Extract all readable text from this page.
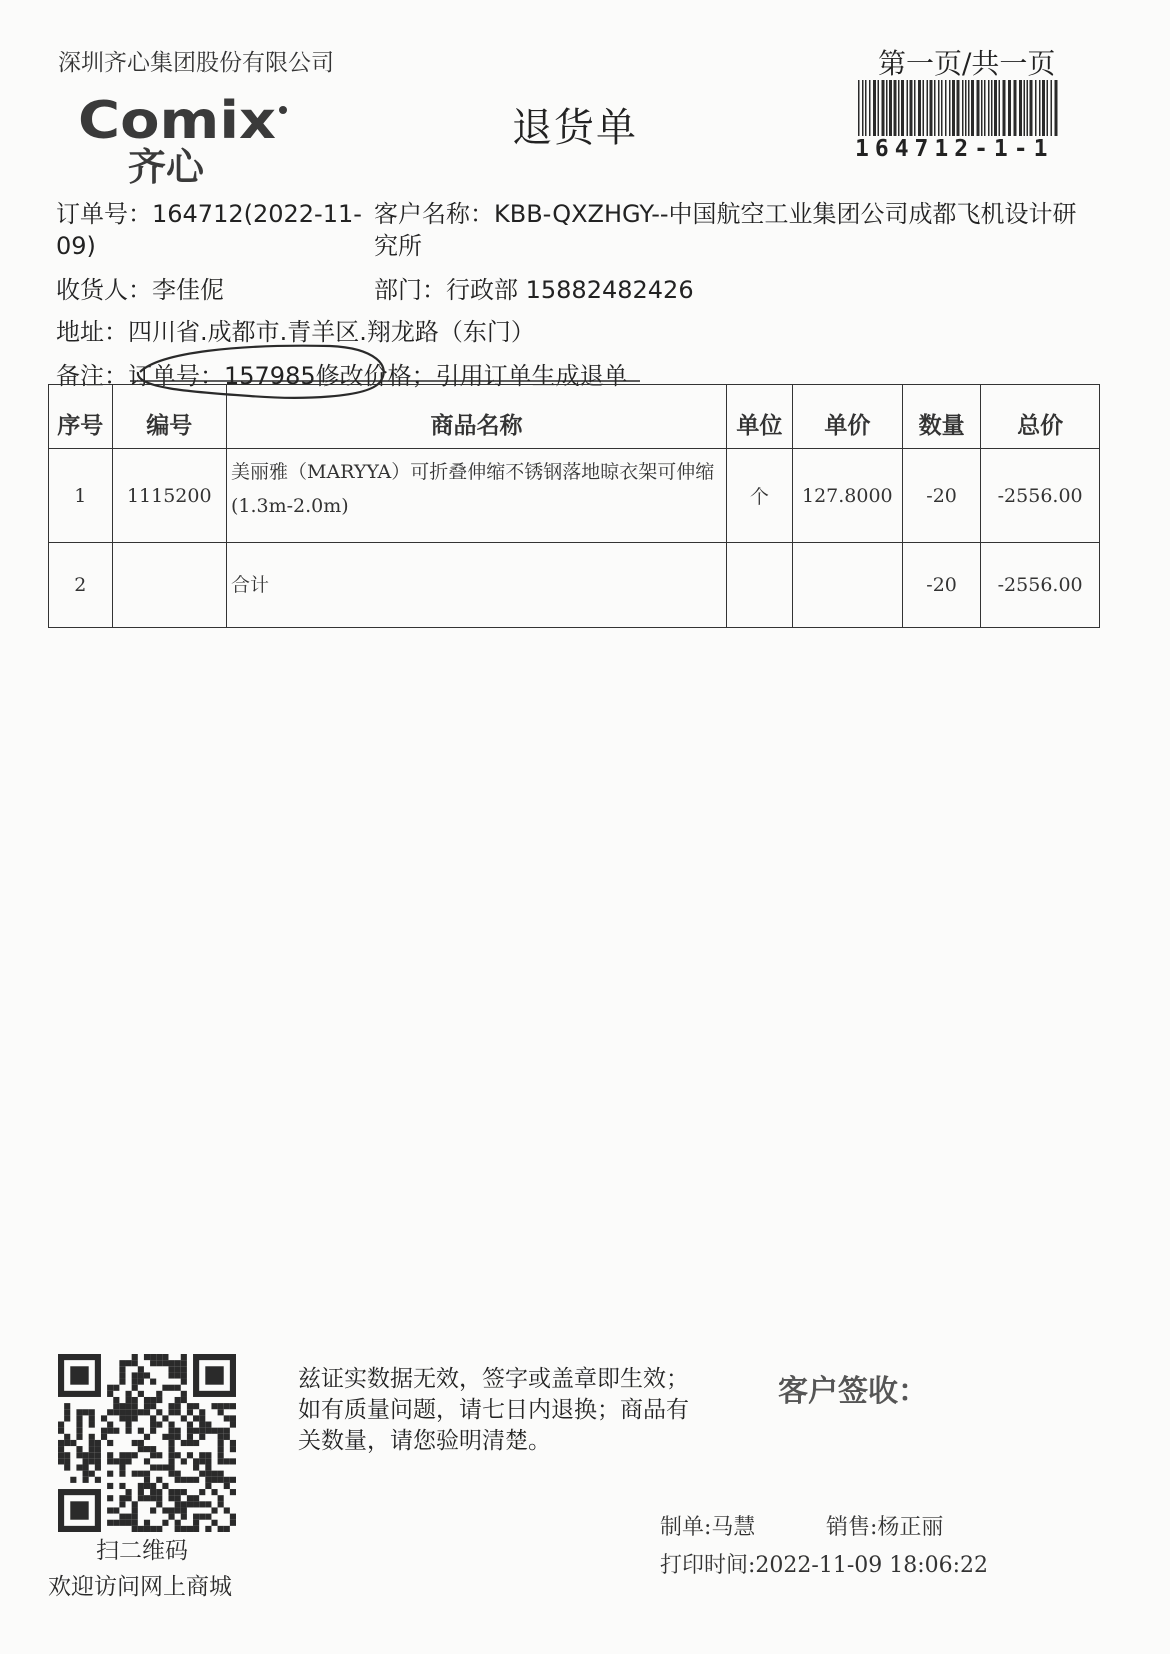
深圳齐心集团股份有限公司	第一页/共一页
Comix
齐心
退货单	164712-1-1
订单号：164712(2022-11-09)
客户名称：KBB-QXZHGY--中国航空工业集团公司成都飞机设计研究所
收货人：李佳伲	部门：行政部 15882482426
地址：四川省.成都市.青羊区.翔龙路（东门）
备注：订单号：157985修改价格；引用订单生成退单
序号	编号	商品名称	单位	单价	数量	总价
1	1115200	美丽雅（MARYYA）可折叠伸缩不锈钢落地晾衣架可伸缩(1.3m-2.0m)	个	127.8000	-20	-2556.00
2		合计			-20	-2556.00
扫二维码
欢迎访问网上商城
兹证实数据无效，签字或盖章即生效；如有质量问题，请七日内退换；商品有关数量，请您验明清楚。
客户签收：
制单:马慧	销售:杨正丽
打印时间:2022-11-09 18:06:22
